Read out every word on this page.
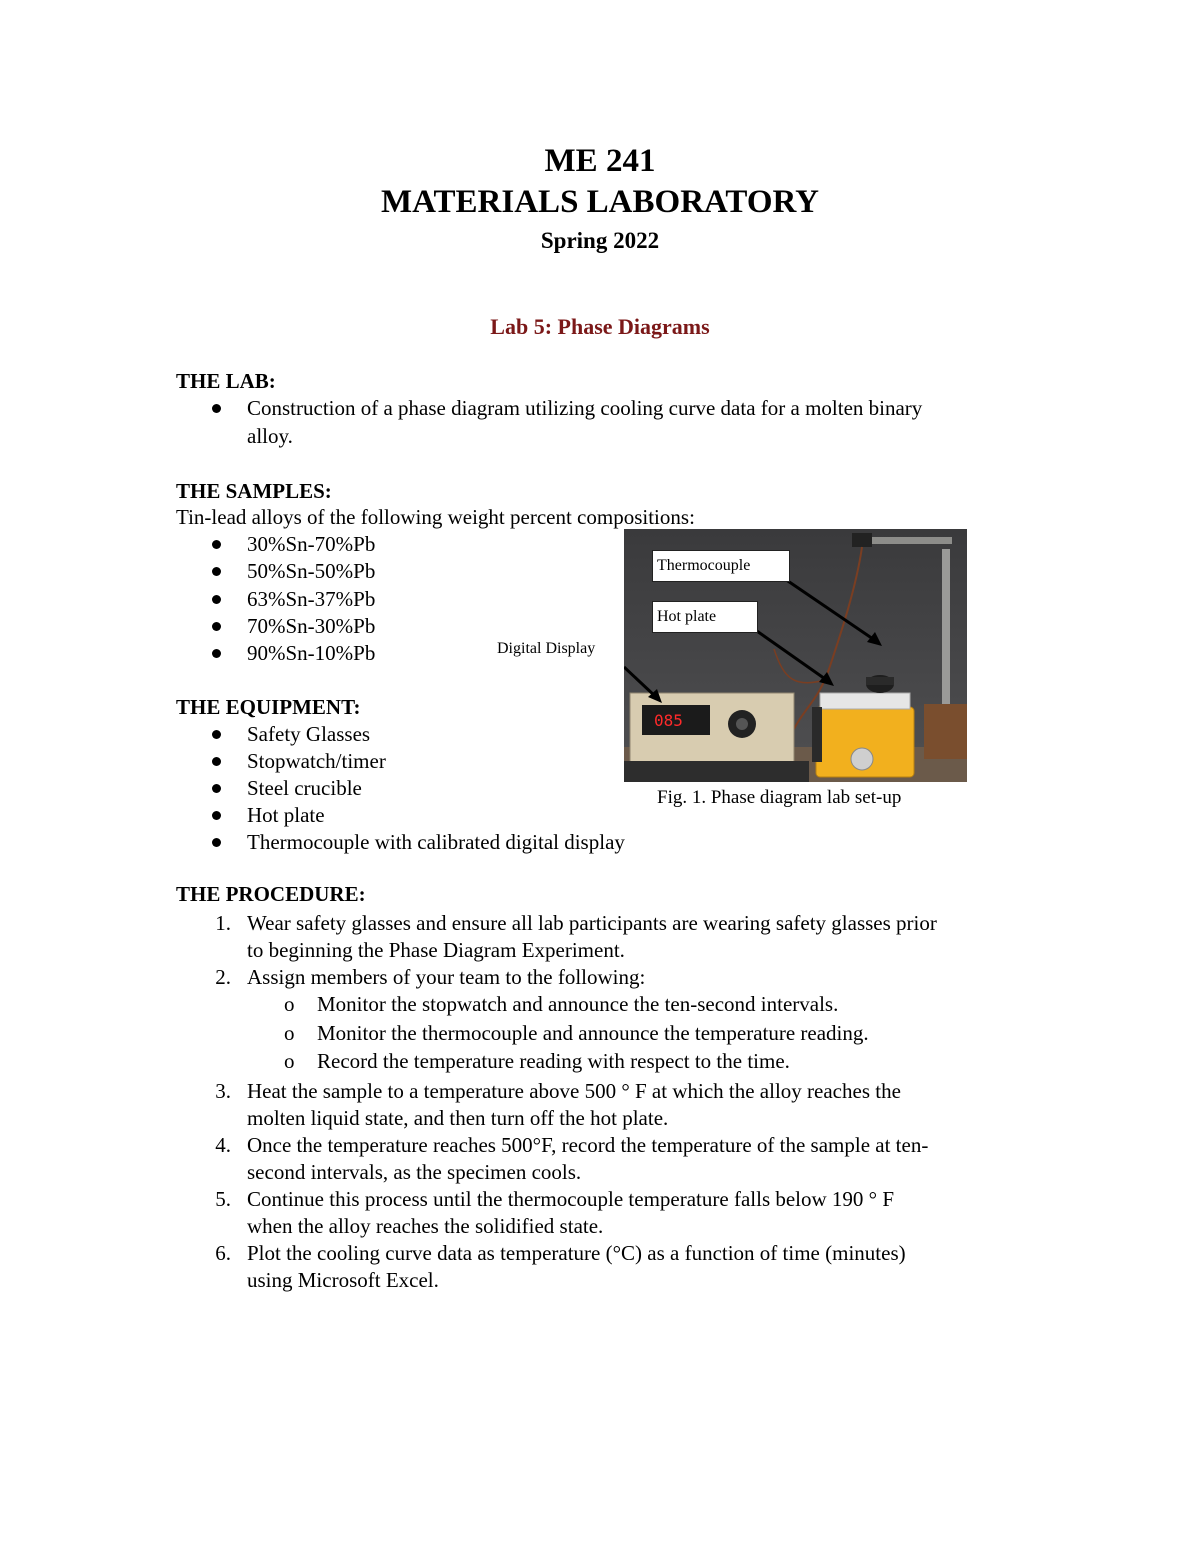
ME 241
MATERIALS LABORATORY
Spring 2022
Lab 5: Phase Diagrams
THE LAB:
Construction of a phase diagram utilizing cooling curve data for a molten binary
alloy.
THE SAMPLES:
Tin-lead alloys of the following weight percent compositions:
30%Sn-70%Pb
50%Sn-50%Pb
63%Sn-37%Pb
70%Sn-30%Pb
90%Sn-10%Pb
THE EQUIPMENT:
Safety Glasses
Stopwatch/timer
Steel crucible
Hot plate
Thermocouple with calibrated digital display
085
Thermocouple
Hot plate
Digital Display
Fig. 1. Phase diagram lab set-up
THE PROCEDURE:
1. Wear safety glasses and ensure all lab participants are wearing safety glasses prior
to beginning the Phase Diagram Experiment.
2. Assign members of your team to the following:
o Monitor the stopwatch and announce the ten-second intervals.
o Monitor the thermocouple and announce the temperature reading.
o Record the temperature reading with respect to the time.
3. Heat the sample to a temperature above 500 ° F at which the alloy reaches the
molten liquid state, and then turn off the hot plate.
4. Once the temperature reaches 500°F, record the temperature of the sample at ten-
second intervals, as the specimen cools.
5. Continue this process until the thermocouple temperature falls below 190 ° F
when the alloy reaches the solidified state.
6. Plot the cooling curve data as temperature (°C) as a function of time (minutes)
using Microsoft Excel.
